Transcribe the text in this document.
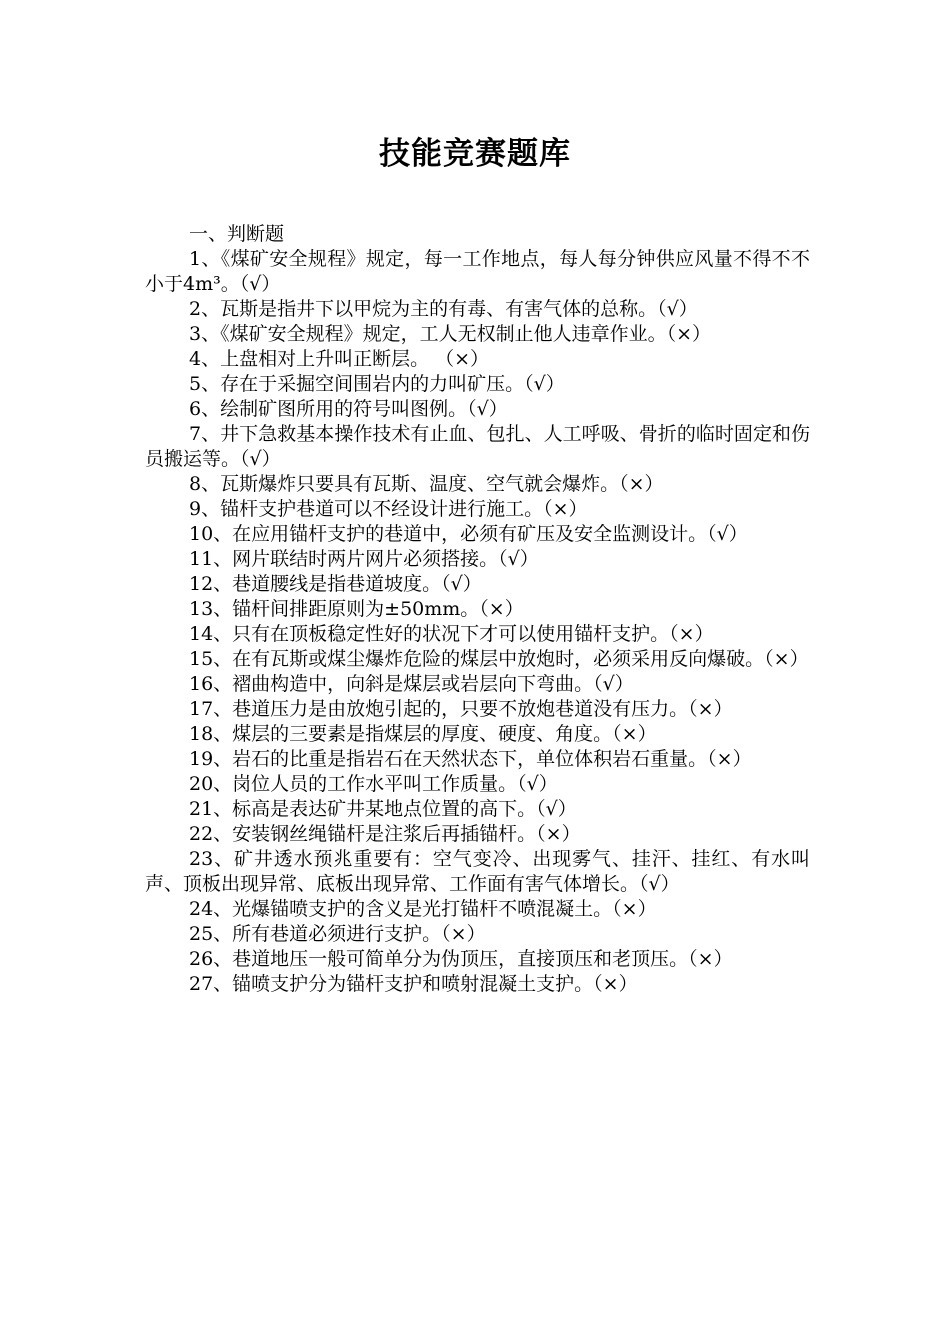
技能竞赛题库

一、判断题

1、《煤矿安全规程》规定，每一工作地点，每人每分钟供应风量不得不不小于4m³。（√）

2、瓦斯是指井下以甲烷为主的有毒、有害气体的总称。（√）

3、《煤矿安全规程》规定，工人无权制止他人违章作业。（×）

4、上盘相对上升叫正断层。 （×）

5、存在于采掘空间围岩内的力叫矿压。（√）

6、绘制矿图所用的符号叫图例。（√）

7、井下急救基本操作技术有止血、包扎、人工呼吸、骨折的临时固定和伤员搬运等。（√）

8、瓦斯爆炸只要具有瓦斯、温度、空气就会爆炸。（×）

9、锚杆支护巷道可以不经设计进行施工。（×）

10、在应用锚杆支护的巷道中，必须有矿压及安全监测设计。（√）

11、网片联结时两片网片必须搭接。（√）

12、巷道腰线是指巷道坡度。（√）

13、锚杆间排距原则为±50mm。（×）

14、只有在顶板稳定性好的状况下才可以使用锚杆支护。（×）

15、在有瓦斯或煤尘爆炸危险的煤层中放炮时，必须采用反向爆破。（×）

16、褶曲构造中，向斜是煤层或岩层向下弯曲。（√）

17、巷道压力是由放炮引起的，只要不放炮巷道没有压力。（×）

18、煤层的三要素是指煤层的厚度、硬度、角度。（×）

19、岩石的比重是指岩石在天然状态下，单位体积岩石重量。（×）

20、岗位人员的工作水平叫工作质量。（√）

21、标高是表达矿井某地点位置的高下。（√）

22、安装钢丝绳锚杆是注浆后再插锚杆。（×）

23、矿井透水预兆重要有：空气变冷、出现雾气、挂汗、挂红、有水叫声、顶板出现异常、底板出现异常、工作面有害气体增长。（√）

24、光爆锚喷支护的含义是光打锚杆不喷混凝土。（×）

25、所有巷道必须进行支护。（×）

26、巷道地压一般可简单分为伪顶压，直接顶压和老顶压。（×）

27、锚喷支护分为锚杆支护和喷射混凝土支护。（×）
